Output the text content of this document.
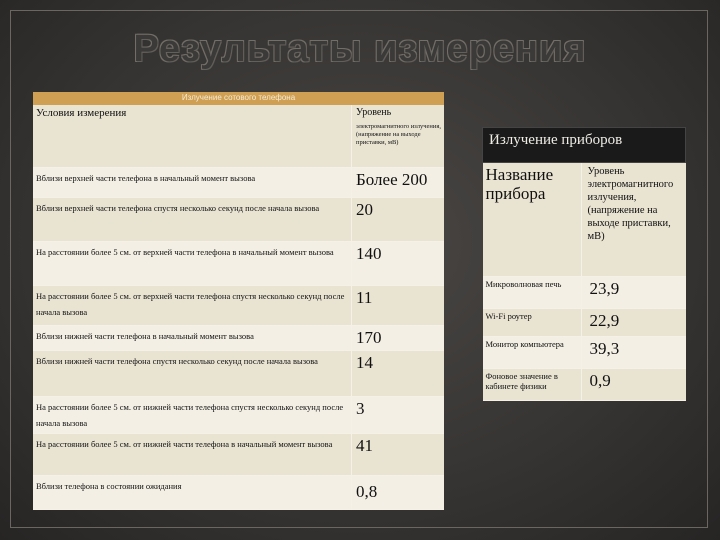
Результаты измерения
Излучение сотового телефона	
Условия измерения	Уровень
электромагнитного излучения, (напряжение на выходе приставки, мВ)

Вблизи верхней части телефона в начальный момент вызова	Более 200
Вблизи верхней части телефона спустя несколько секунд после начала вызова	20
На расстоянии более 5 см. от верхней части телефона в начальный момент вызова	140
На расстоянии более 5 см. от верхней части телефона спустя несколько секунд после начала вызова	11
Вблизи нижней части телефона в начальный момент вызова	170
Вблизи нижней части телефона спустя несколько секунд после начала вызова	14
На расстоянии более 5 см. от нижней части телефона спустя несколько секунд после начала вызова	3
На расстоянии более 5 см. от нижней части телефона в начальный момент вызова	41
Вблизи телефона в состоянии ожидания	0,8
Излучение приборов	
Название прибора	Уровень электромагнитного излучения, (напряжение на выходе приставки, мВ)
Микроволновая печь	23,9
Wi-Fi роутер	22,9
Монитор компьютера	39,3
Фоновое значение в кабинете физики	0,9
